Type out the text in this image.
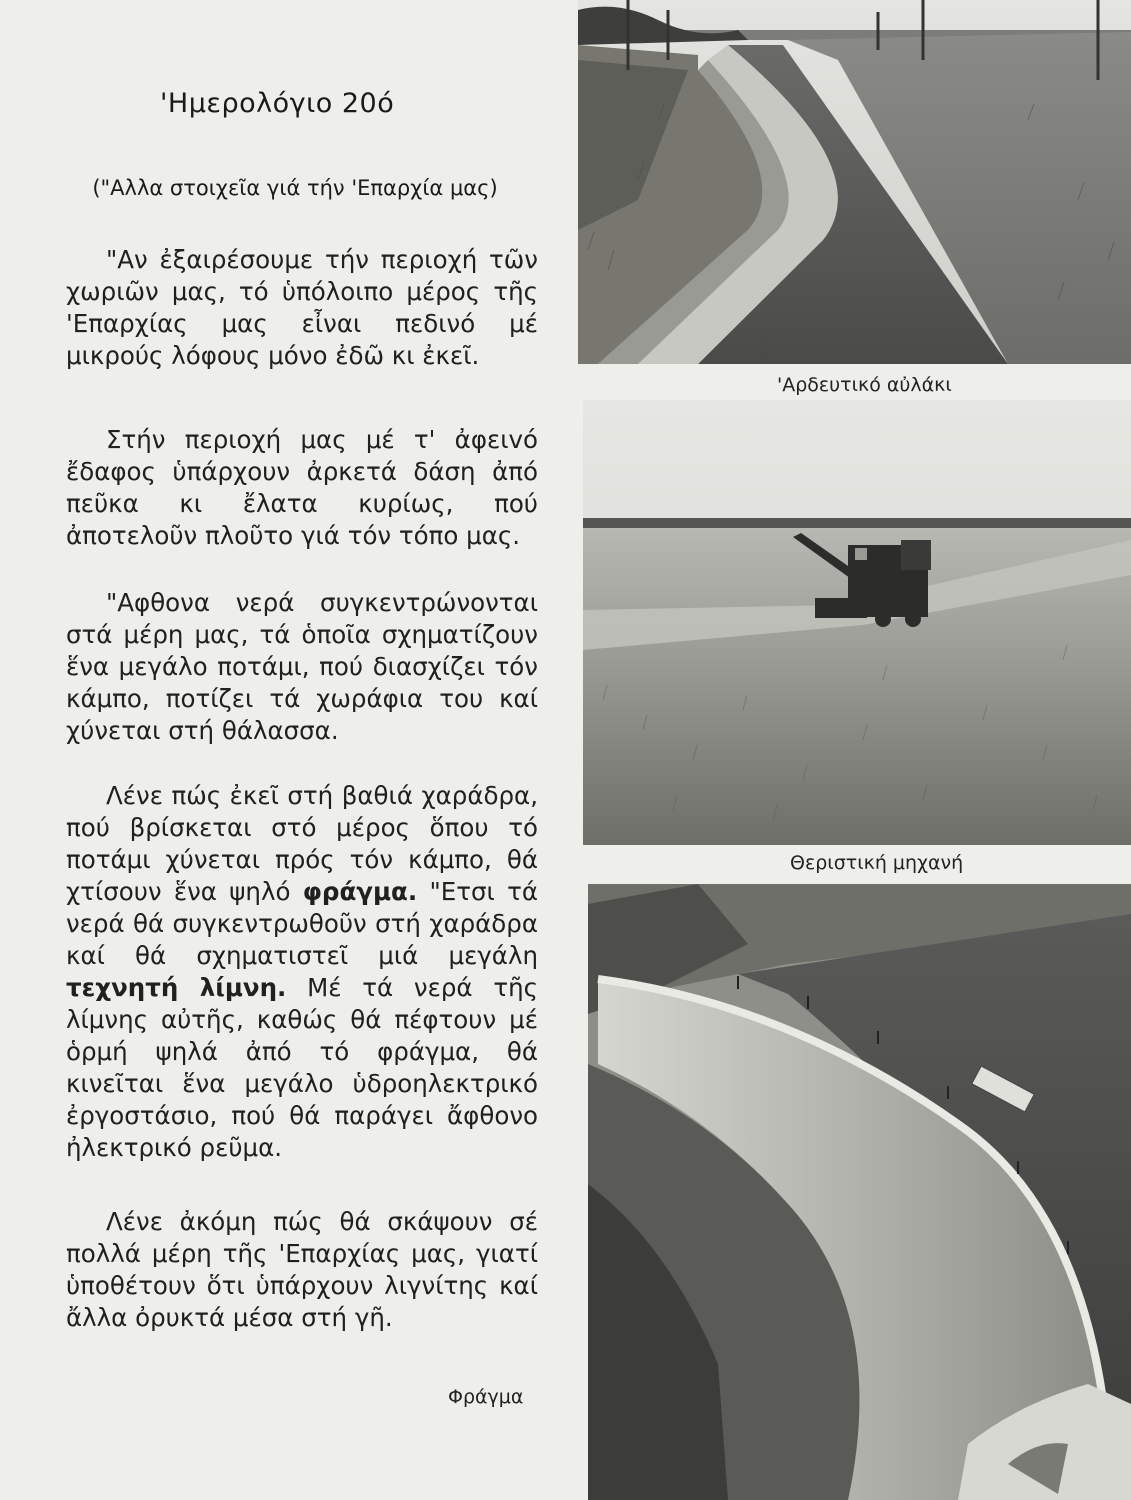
'Ημερολόγιο 20ό
("Αλλα στοιχεῖα γιά τήν 'Επαρχία μας)

"Αν ἐξαιρέσουμε τήν περιοχή τῶν χωριῶν μας, τό ὑπόλοιπο μέρος τῆς 'Επαρχίας μας εἶναι πεδινό μέ μικρούς λόφους μόνο ἐδῶ κι ἐκεῖ.

Στήν περιοχή μας μέ τ' ἀφειvó ἔδαφος ὑπάρχουν ἀρκετά δάση ἀπό πεῦκα κι ἔλατα κυρίως, πού ἀποτελοῦν πλοῦτο γιά τόν τόπο μας.

"Αφθονα νερά συγκεντρώνονται στά μέρη μας, τά ὁποῖα σχηματίζουν ἕνα μεγάλο ποτάμι, πού διασχίζει τόν κάμπο, ποτίζει τά χωράφια του καί χύνεται στή θάλασσα.

Λένε πώς ἐκεῖ στή βαθιά χαράδρα, πού βρίσκεται στό μέρος ὅπου τό ποτάμι χύνεται πρός τόν κάμπο, θά χτίσουν ἕνα ψηλό φράγμα. "Ετσι τά νερά θά συγκεντρωθοῦν στή χαράδρα καί θά σχηματιστεῖ μιά μεγάλη τεχνητή λίμνη. Μέ τά νερά τῆς λίμνης αὐτῆς, καθώς θά πέφτουν μέ ὁρμή ψηλά ἀπό τό φράγμα, θά κινεῖται ἕνα μεγάλο ὑδροηλεκτρικό ἐργοστάσιο, πού θά παράγει ἄφθονο ἠλεκτρικό ρεῦμα.

Λένε ἀκόμη πώς θά σκάψουν σέ πολλά μέρη τῆς 'Επαρχίας μας, γιατί ὑποθέτουν ὅτι ὑπάρχουν λιγνίτης καί ἄλλα ὀρυκτά μέσα στή γῆ.

Φράγμα
'Αρδευτικό αὐλάκι
Θεριστική μηχανή
